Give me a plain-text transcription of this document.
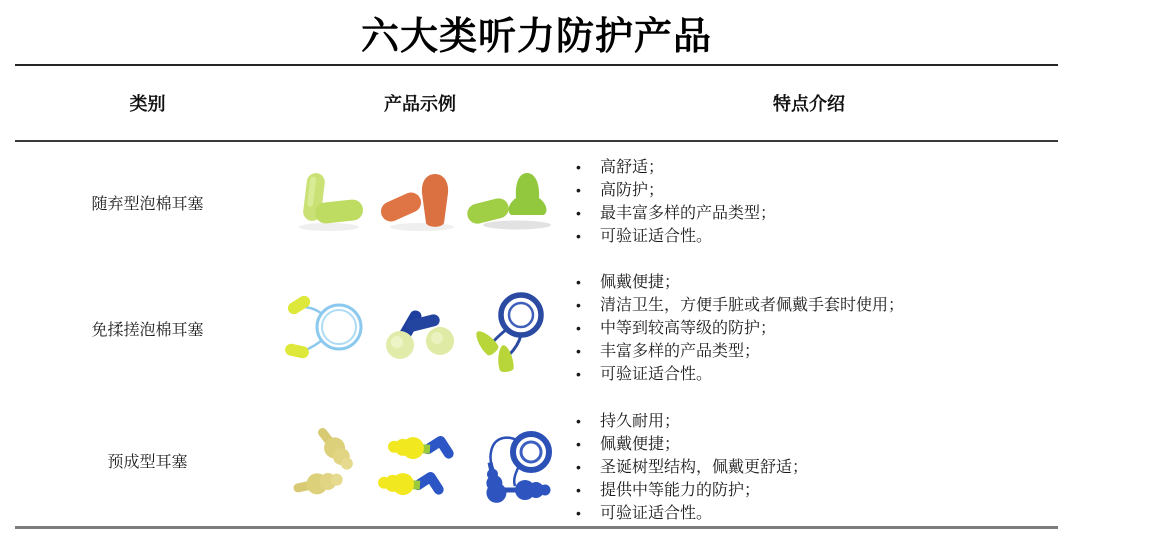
六大类听力防护产品
类别	产品示例	特点介绍
随弃型泡棉耳塞
• 高舒适；
• 高防护；
• 最丰富多样的产品类型；
• 可验证适合性。
免揉搓泡棉耳塞
• 佩戴便捷；
• 清洁卫生，方便手脏或者佩戴手套时使用；
• 中等到较高等级的防护；
• 丰富多样的产品类型；
• 可验证适合性。
预成型耳塞
• 持久耐用；
• 佩戴便捷；
• 圣诞树型结构，佩戴更舒适；
• 提供中等能力的防护；
• 可验证适合性。
